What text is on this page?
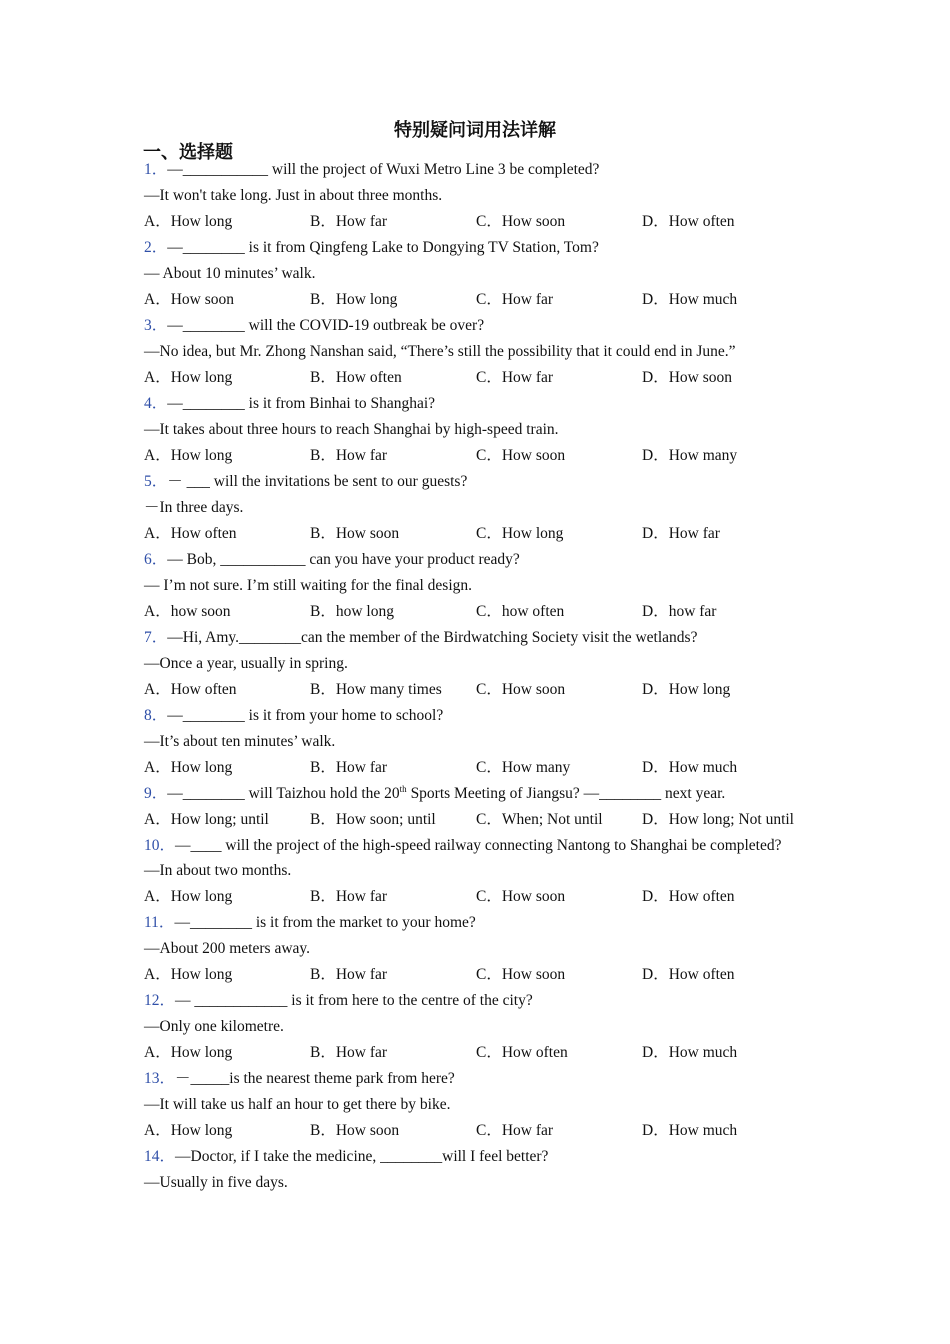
特别疑问词用法详解
一、选择题
1．—___________ will the project of Wuxi Metro Line 3 be completed?
—It won't take long. Just in about three months.
A．How long	B．How far	C．How soon	D．How often
2．—________ is it from Qingfeng Lake to Dongying TV Station, Tom?
— About 10 minutes’ walk.
A．How soon	B．How long	C．How far	D．How much
3．—________ will the COVID-19 outbreak be over?
—No idea, but Mr. Zhong Nanshan said, “There’s still the possibility that it could end in June.”
A．How long	B．How often	C．How far	D．How soon
4．—________ is it from Binhai to Shanghai?
—It takes about three hours to reach Shanghai by high-speed train.
A．How long	B．How far	C．How soon	D．How many
5．－ ___ will the invitations be sent to our guests?
－In three days.
A．How often	B．How soon	C．How long	D．How far
6．— Bob, ___________ can you have your product ready?
— I’m not sure. I’m still waiting for the final design.
A．how soon	B．how long	C．how often	D．how far
7．—Hi, Amy.________can the member of the Birdwatching Society visit the wetlands?
—Once a year, usually in spring.
A．How often	B．How many times	C．How soon	D．How long
8．—________ is it from your home to school?
—It’s about ten minutes’ walk.
A．How long	B．How far	C．How many	D．How much
9．—________ will Taizhou hold the 20th Sports Meeting of Jiangsu? —________ next year.
A．How long; until	B．How soon; until	C．When; Not until	D．How long; Not until
10．—____ will the project of the high-speed railway connecting Nantong to Shanghai be completed?
—In about two months.
A．How long	B．How far	C．How soon	D．How often
11．—________ is it from the market to your home?
—About 200 meters away.
A．How long	B．How far	C．How soon	D．How often
12．— ____________ is it from here to the centre of the city?
—Only one kilometre.
A．How long	B．How far	C．How often	D．How much
13．－_____is the nearest theme park from here?
—It will take us half an hour to get there by bike.
A．How long	B．How soon	C．How far	D．How much
14．—Doctor, if I take the medicine, ________will I feel better?
—Usually in five days.
